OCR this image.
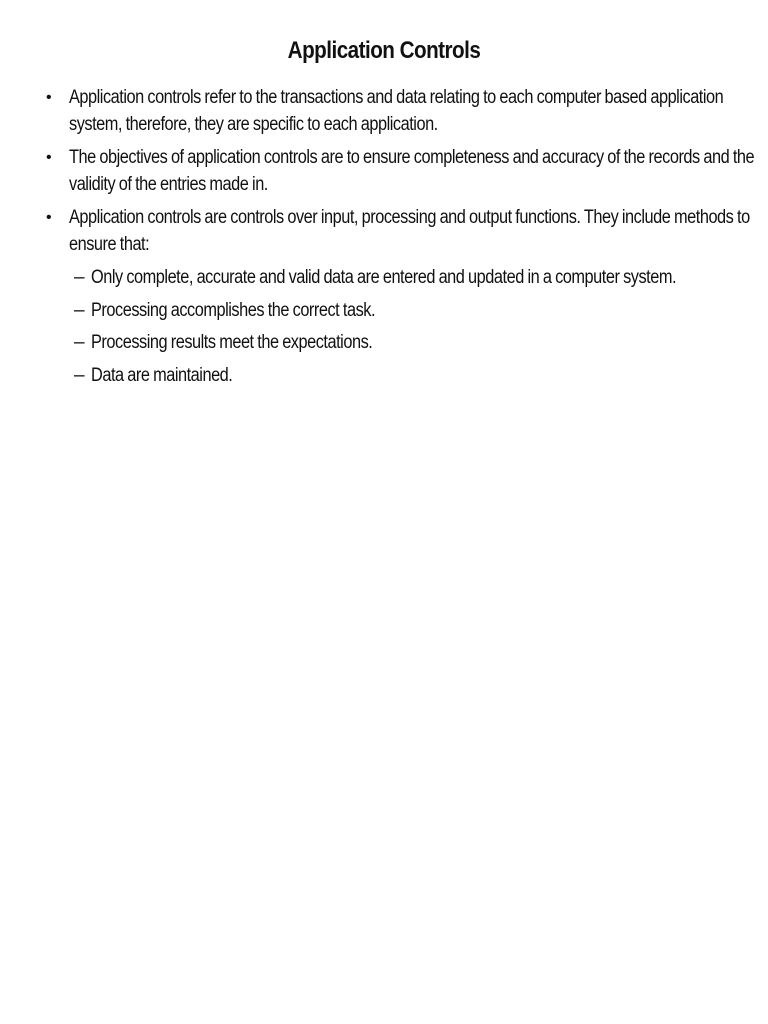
Application Controls
• Application controls refer to the transactions and data relating to each computer based application system, therefore, they are specific to each application.
• The objectives of application controls are to ensure completeness and accuracy of the records and the validity of the entries made in.
• Application controls are controls over input, processing and output functions. They include methods to ensure that:
– Only complete, accurate and valid data are entered and updated in a computer system.
– Processing accomplishes the correct task.
– Processing results meet the expectations.
– Data are maintained.
